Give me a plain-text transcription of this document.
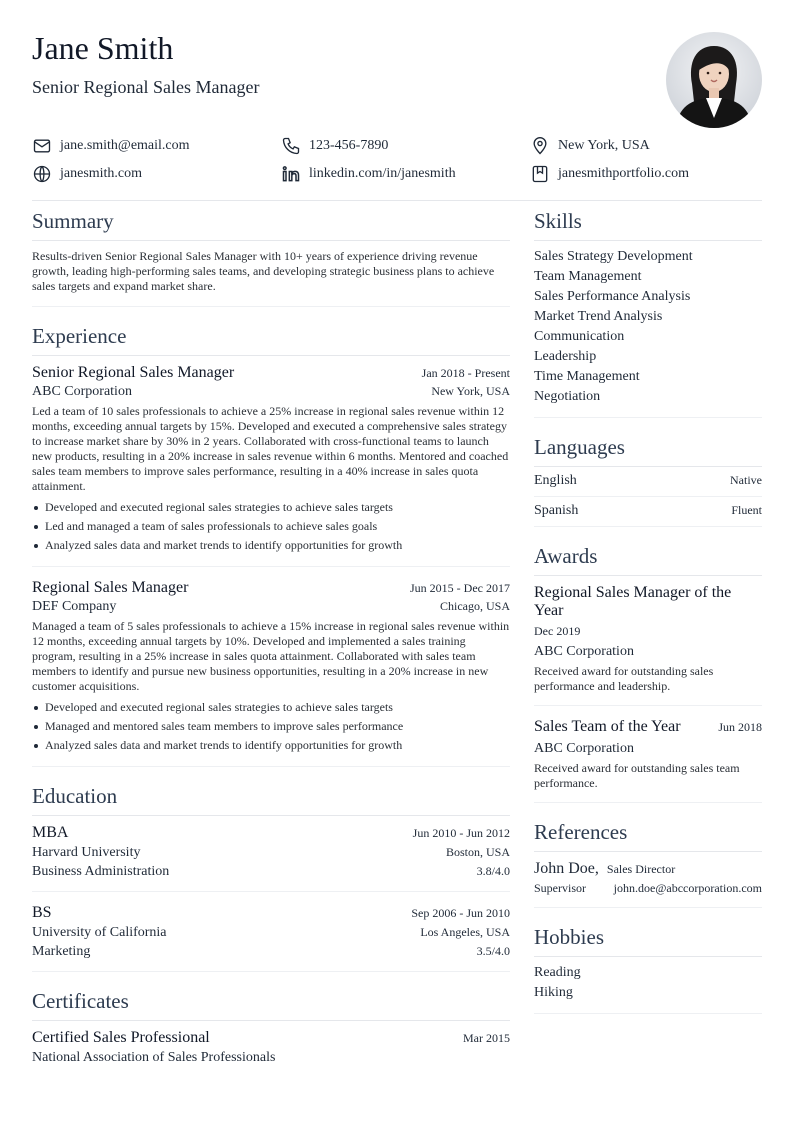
Jane Smith
Senior Regional Sales Manager
jane.smith@email.com	123-456-7890	New York, USA
janesmith.com	linkedin.com/in/janesmith	janesmithportfolio.com
Summary
Results-driven Senior Regional Sales Manager with 10+ years of experience driving revenue growth, leading high-performing sales teams, and developing strategic business plans to achieve sales targets and expand market share.
Experience
Senior Regional Sales Manager	Jan 2018 - Present
ABC Corporation	New York, USA
Led a team of 10 sales professionals to achieve a 25% increase in regional sales revenue within 12 months, exceeding annual targets by 15%. Developed and executed a comprehensive sales strategy to increase market share by 30% in 2 years. Collaborated with cross-functional teams to launch new products, resulting in a 20% increase in sales revenue within 6 months. Mentored and coached sales team members to improve sales performance, resulting in a 40% increase in sales quota attainment.
Developed and executed regional sales strategies to achieve sales targets
Led and managed a team of sales professionals to achieve sales goals
Analyzed sales data and market trends to identify opportunities for growth
Regional Sales Manager	Jun 2015 - Dec 2017
DEF Company	Chicago, USA
Managed a team of 5 sales professionals to achieve a 15% increase in regional sales revenue within 12 months, exceeding annual targets by 10%. Developed and implemented a sales training program, resulting in a 25% increase in sales quota attainment. Collaborated with sales team members to identify and pursue new business opportunities, resulting in a 20% increase in new customer acquisitions.
Developed and executed regional sales strategies to achieve sales targets
Managed and mentored sales team members to improve sales performance
Analyzed sales data and market trends to identify opportunities for growth
Education
MBA	Jun 2010 - Jun 2012
Harvard University	Boston, USA
Business Administration	3.8/4.0
BS	Sep 2006 - Jun 2010
University of California	Los Angeles, USA
Marketing	3.5/4.0
Certificates
Certified Sales Professional	Mar 2015
National Association of Sales Professionals
Skills
Sales Strategy Development
Team Management
Sales Performance Analysis
Market Trend Analysis
Communication
Leadership
Time Management
Negotiation
Languages
English	Native
Spanish	Fluent
Awards
Regional Sales Manager of the Year
Dec 2019
ABC Corporation
Received award for outstanding sales performance and leadership.
Sales Team of the Year	Jun 2018
ABC Corporation
Received award for outstanding sales team performance.
References
John Doe, Sales Director
Supervisor john.doe@abccorporation.com
Hobbies
Reading
Hiking
